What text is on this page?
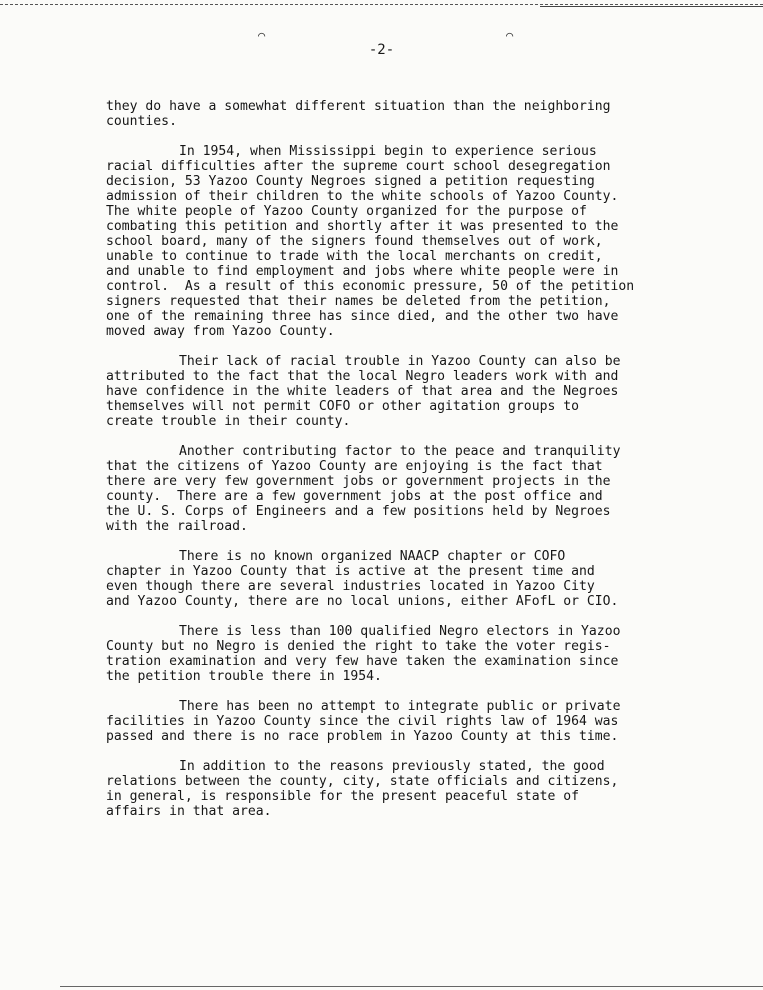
⌒	⌒
-2-
they do have a somewhat different situation than the neighboring
counties.
In 1954, when Mississippi begin to experience serious
racial difficulties after the supreme court school desegregation
decision, 53 Yazoo County Negroes signed a petition requesting
admission of their children to the white schools of Yazoo County.
The white people of Yazoo County organized for the purpose of
combating this petition and shortly after it was presented to the
school board, many of the signers found themselves out of work,
unable to continue to trade with the local merchants on credit,
and unable to find employment and jobs where white people were in
control.  As a result of this economic pressure, 50 of the petition
signers requested that their names be deleted from the petition,
one of the remaining three has since died, and the other two have
moved away from Yazoo County.
Their lack of racial trouble in Yazoo County can also be
attributed to the fact that the local Negro leaders work with and
have confidence in the white leaders of that area and the Negroes
themselves will not permit COFO or other agitation groups to
create trouble in their county.
Another contributing factor to the peace and tranquility
that the citizens of Yazoo County are enjoying is the fact that
there are very few government jobs or government projects in the
county.  There are a few government jobs at the post office and
the U. S. Corps of Engineers and a few positions held by Negroes
with the railroad.
There is no known organized NAACP chapter or COFO
chapter in Yazoo County that is active at the present time and
even though there are several industries located in Yazoo City
and Yazoo County, there are no local unions, either AFofL or CIO.
There is less than 100 qualified Negro electors in Yazoo
County but no Negro is denied the right to take the voter regis-
tration examination and very few have taken the examination since
the petition trouble there in 1954.
There has been no attempt to integrate public or private
facilities in Yazoo County since the civil rights law of 1964 was
passed and there is no race problem in Yazoo County at this time.
In addition to the reasons previously stated, the good
relations between the county, city, state officials and citizens,
in general, is responsible for the present peaceful state of
affairs in that area.
